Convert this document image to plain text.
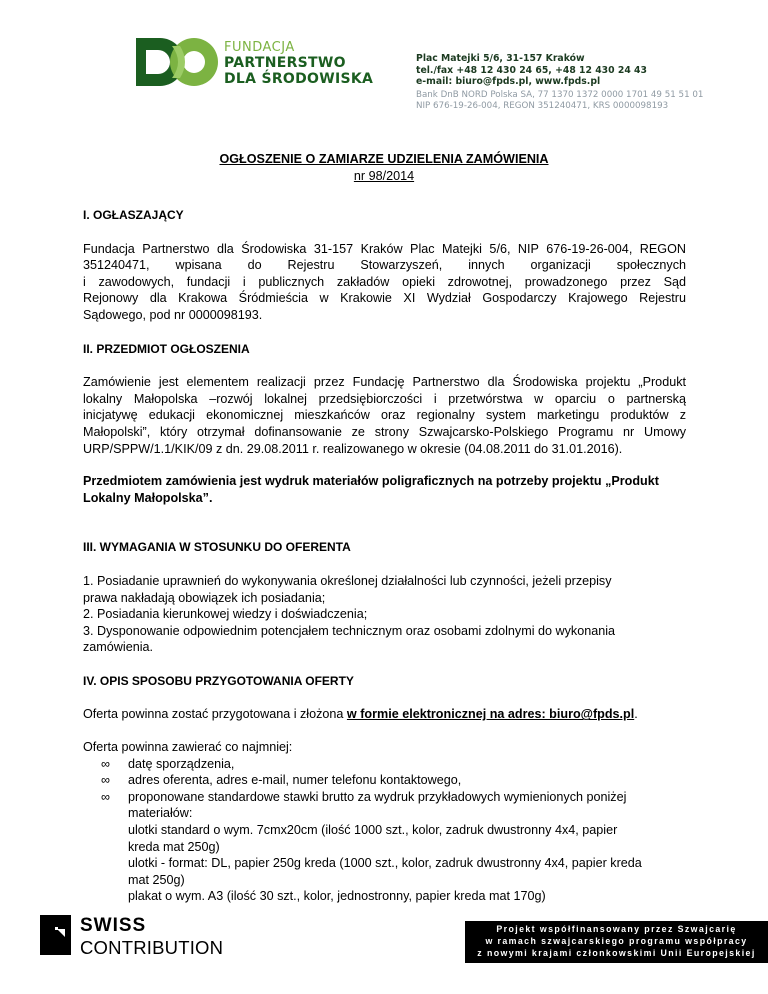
FUNDACJA
PARTNERSTWO
DLA ŚRODOWISKA
Plac Matejki 5/6, 31-157 Kraków
tel./fax +48 12 430 24 65, +48 12 430 24 43
e-mail: biuro@fpds.pl, www.fpds.pl
Bank DnB NORD Polska SA, 77 1370 1372 0000 1701 49 51 51 01
NIP 676-19-26-004, REGON 351240471, KRS 0000098193
OGŁOSZENIE O ZAMIARZE UDZIELENIA ZAMÓWIENIA
nr 98/2014
I. OGŁASZAJĄCY
Fundacja Partnerstwo dla Środowiska 31-157 Kraków Plac Matejki 5/6, NIP 676-19-26-004, REGON
351240471, wpisana do Rejestru Stowarzyszeń, innych organizacji społecznych
i zawodowych, fundacji i publicznych zakładów opieki zdrowotnej, prowadzonego przez Sąd
Rejonowy dla Krakowa Śródmieścia w Krakowie XI Wydział Gospodarczy Krajowego Rejestru
Sądowego, pod nr 0000098193.
II. PRZEDMIOT OGŁOSZENIA
Zamówienie jest elementem realizacji przez Fundację Partnerstwo dla Środowiska projektu „Produkt
lokalny Małopolska –rozwój lokalnej przedsiębiorczości i przetwórstwa w oparciu o partnerską
inicjatywę edukacji ekonomicznej mieszkańców oraz regionalny system marketingu produktów z
Małopolski”, który otrzymał dofinansowanie ze strony Szwajcarsko-Polskiego Programu nr Umowy
URP/SPPW/1.1/KIK/09 z dn. 29.08.2011 r. realizowanego w okresie (04.08.2011 do 31.01.2016).
Przedmiotem zamówienia jest wydruk materiałów poligraficznych na potrzeby projektu „Produkt
Lokalny Małopolska”.
III. WYMAGANIA W STOSUNKU DO OFERENTA
1. Posiadanie uprawnień do wykonywania określonej działalności lub czynności, jeżeli przepisy
prawa nakładają obowiązek ich posiadania;
2. Posiadania kierunkowej wiedzy i doświadczenia;
3. Dysponowanie odpowiednim potencjałem technicznym oraz osobami zdolnymi do wykonania
zamówienia.
IV. OPIS SPOSOBU PRZYGOTOWANIA OFERTY
Oferta powinna zostać przygotowana i złożona w formie elektronicznej na adres: biuro@fpds.pl.
Oferta powinna zawierać co najmniej:
∞ datę sporządzenia,
∞ adres oferenta, adres e-mail, numer telefonu kontaktowego,
∞ proponowane standardowe stawki brutto za wydruk przykładowych wymienionych poniżej
materiałów:
ulotki standard o wym. 7cmx20cm (ilość 1000 szt., kolor, zadruk dwustronny 4x4, papier
kreda mat 250g)
ulotki - format: DL, papier 250g kreda (1000 szt., kolor, zadruk dwustronny 4x4, papier kreda
mat 250g)
plakat o wym. A3 (ilość 30 szt., kolor, jednostronny, papier kreda mat 170g)
SWISS
CONTRIBUTION
Projekt współfinansowany przez Szwajcarię
w ramach szwajcarskiego programu współpracy
z nowymi krajami członkowskimi Unii Europejskiej
